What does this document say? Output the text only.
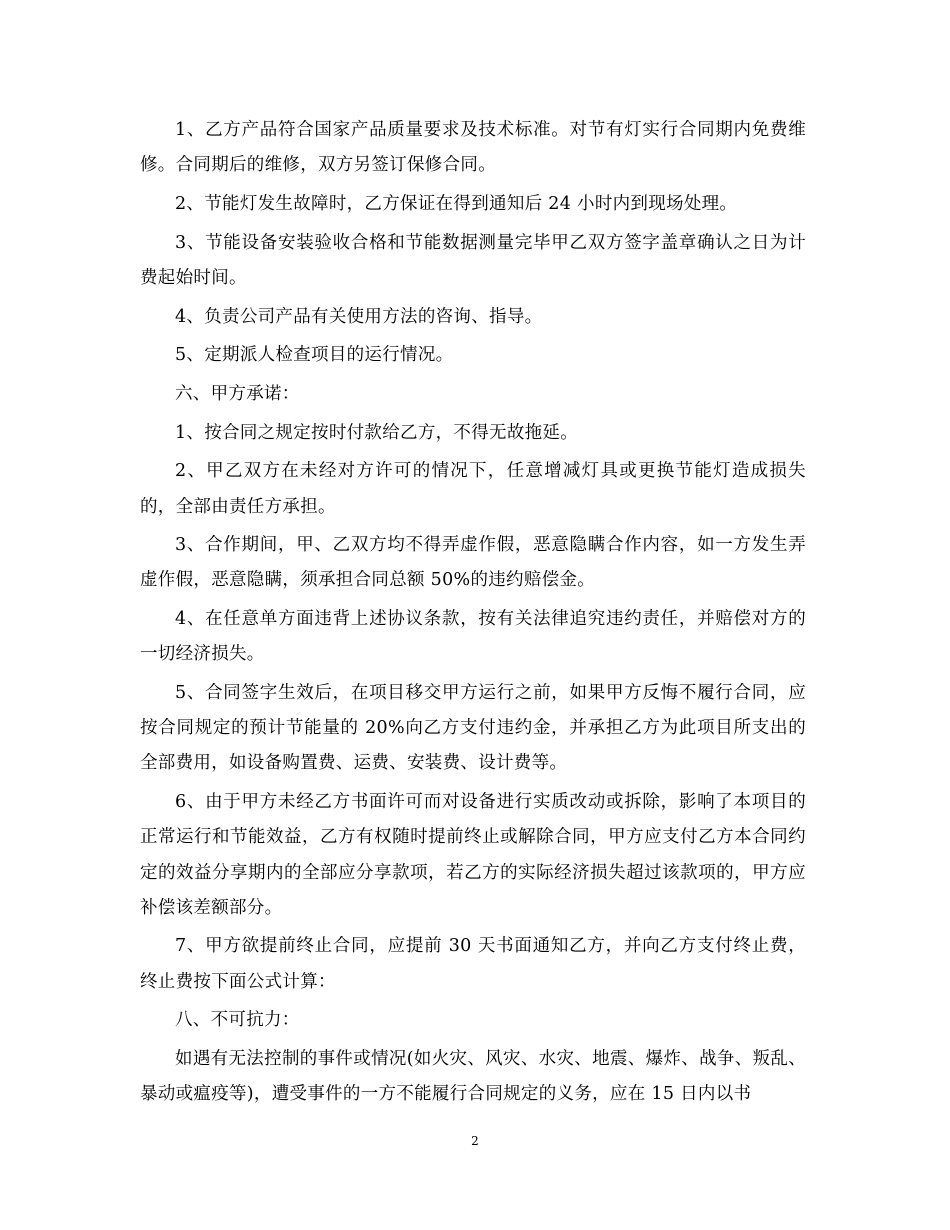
1、乙方产品符合国家产品质量要求及技术标准。对节有灯实行合同期内免费维修。合同期后的维修，双方另签订保修合同。

2、节能灯发生故障时，乙方保证在得到通知后 24 小时内到现场处理。

3、节能设备安装验收合格和节能数据测量完毕甲乙双方签字盖章确认之日为计费起始时间。

4、负责公司产品有关使用方法的咨询、指导。

5、定期派人检查项目的运行情况。

六、甲方承诺：

1、按合同之规定按时付款给乙方，不得无故拖延。

2、甲乙双方在未经对方许可的情况下，任意增减灯具或更换节能灯造成损失的，全部由责任方承担。

3、合作期间，甲、乙双方均不得弄虚作假，恶意隐瞒合作内容，如一方发生弄虚作假，恶意隐瞒，须承担合同总额 50%的违约赔偿金。

4、在任意单方面违背上述协议条款，按有关法律追究违约责任，并赔偿对方的一切经济损失。

5、合同签字生效后，在项目移交甲方运行之前，如果甲方反悔不履行合同，应按合同规定的预计节能量的 20%向乙方支付违约金，并承担乙方为此项目所支出的全部费用，如设备购置费、运费、安装费、设计费等。

6、由于甲方未经乙方书面许可而对设备进行实质改动或拆除，影响了本项目的正常运行和节能效益，乙方有权随时提前终止或解除合同，甲方应支付乙方本合同约定的效益分享期内的全部应分享款项，若乙方的实际经济损失超过该款项的，甲方应补偿该差额部分。

7、甲方欲提前终止合同，应提前 30 天书面通知乙方，并向乙方支付终止费，终止费按下面公式计算：

八、不可抗力：

如遇有无法控制的事件或情况(如火灾、风灾、水灾、地震、爆炸、战争、叛乱、暴动或瘟疫等)，遭受事件的一方不能履行合同规定的义务，应在 15 日内以书

2
